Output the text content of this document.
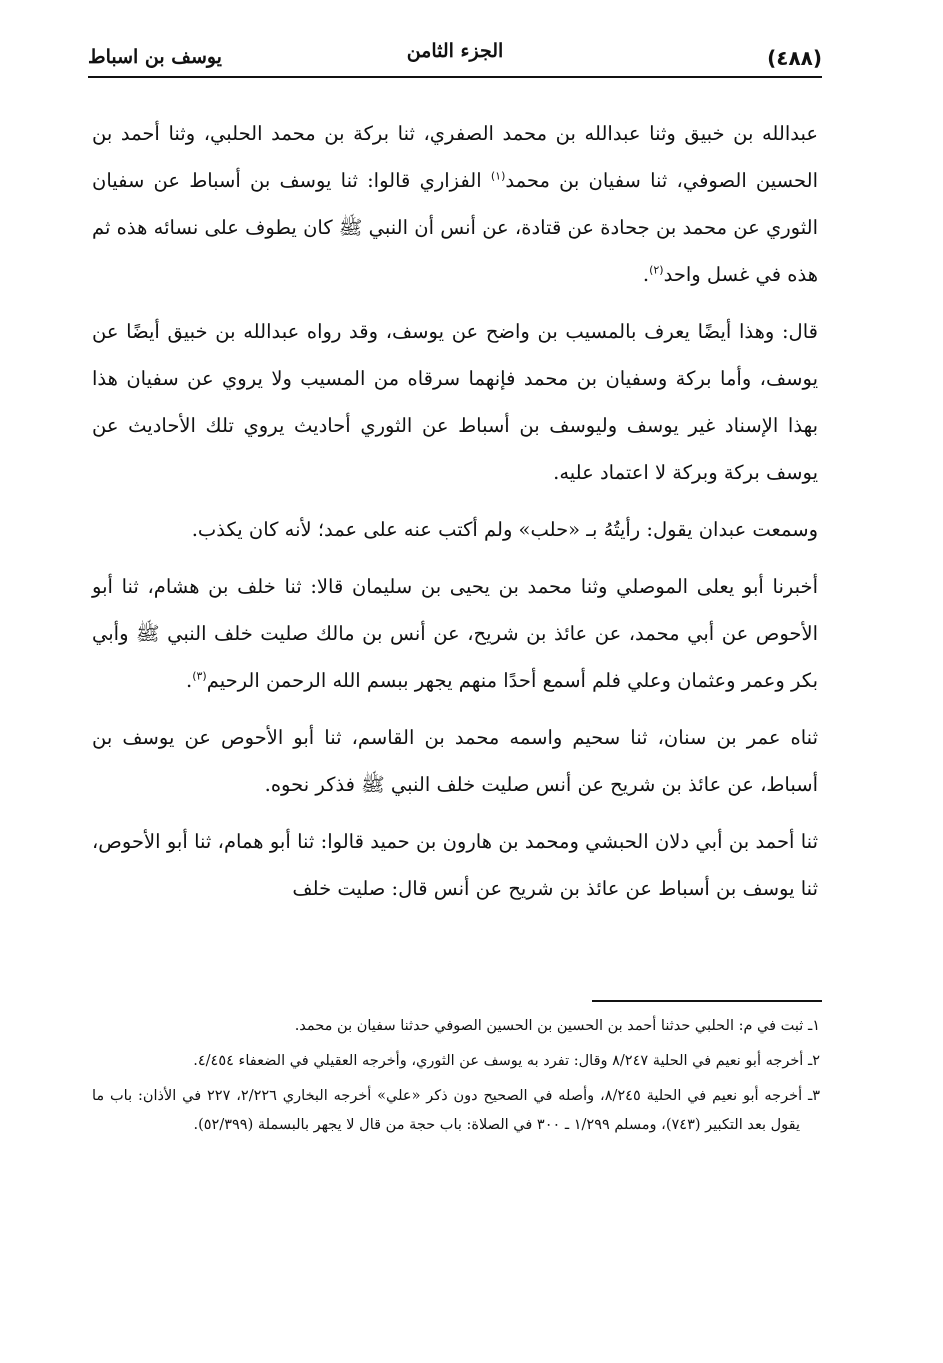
(٤٨٨)
الجزء الثامن
يوسف بن اسباط

عبدالله بن خبيق وثنا عبدالله بن محمد الصفري، ثنا بركة بن محمد الحلبي، وثنا أحمد بن الحسين الصوفي، ثنا سفيان بن محمد$^{(١)}$ الفزاري قالوا: ثنا يوسف بن أسباط عن سفيان الثوري عن محمد بن جحادة عن قتادة، عن أنس أن النبي ﷺ كان يطوف على نسائه هذه ثم هذه في غسل واحد$^{(٢)}$.

قال: وهذا أيضًا يعرف بالمسيب بن واضح عن يوسف، وقد رواه عبدالله بن خبيق أيضًا عن يوسف، وأما بركة وسفيان بن محمد فإنهما سرقاه من المسيب ولا يروي عن سفيان هذا بهذا الإسناد غير يوسف وليوسف بن أسباط عن الثوري أحاديث يروي تلك الأحاديث عن يوسف بركة وبركة لا اعتماد عليه.

وسمعت عبدان يقول: رأيتُهُ بـ «حلب» ولم أكتب عنه على عمد؛ لأنه كان يكذب.

أخبرنا أبو يعلى الموصلي وثنا محمد بن يحيى بن سليمان قالا: ثنا خلف بن هشام، ثنا أبو الأحوص عن أبي محمد، عن عائذ بن شريح، عن أنس بن مالك صليت خلف النبي ﷺ وأبي بكر وعمر وعثمان وعلي فلم أسمع أحدًا منهم يجهر ببسم الله الرحمن الرحيم$^{(٣)}$.

ثناه عمر بن سنان، ثنا سحيم واسمه محمد بن القاسم، ثنا أبو الأحوص عن يوسف بن أسباط، عن عائذ بن شريح عن أنس صليت خلف النبي ﷺ فذكر نحوه.

ثنا أحمد بن أبي دلان الحبشي ومحمد بن هارون بن حميد قالوا: ثنا أبو همام، ثنا أبو الأحوص، ثنا يوسف بن أسباط عن عائذ بن شريح عن أنس قال: صليت خلف

١ـ ثبت في م: الحلبي حدثنا أحمد بن الحسين بن الحسين الصوفي حدثنا سفيان بن محمد.
٢ـ أخرجه أبو نعيم في الحلية ٨/٢٤٧ وقال: تفرد به يوسف عن الثوري، وأخرجه العقيلي في الضعفاء ٤/٤٥٤.
٣ـ أخرجه أبو نعيم في الحلية ٨/٢٤٥، وأصله في الصحيح دون ذكر «علي» أخرجه البخاري ٢/٢٢٦، ٢٢٧ في الأذان: باب ما يقول بعد التكبير (٧٤٣)، ومسلم ١/٢٩٩ ـ ٣٠٠ في الصلاة: باب حجة من قال لا يجهر بالبسملة (٥٢/٣٩٩).
